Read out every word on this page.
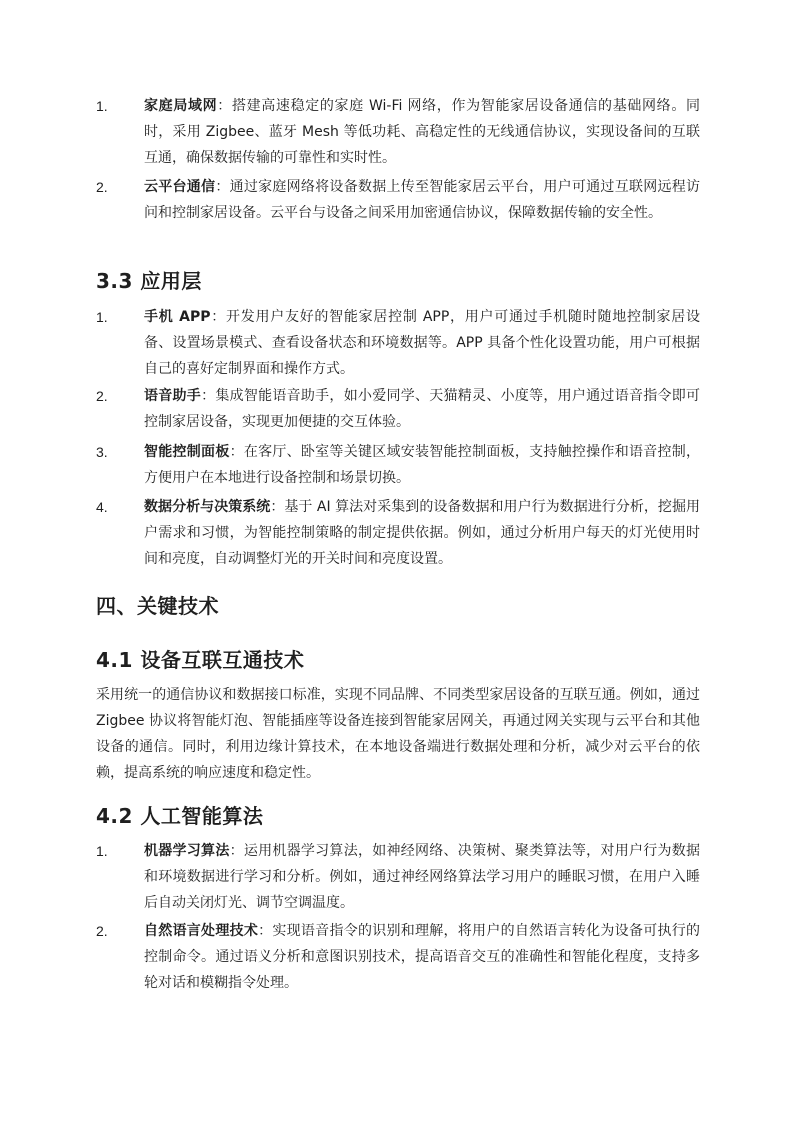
1.	家庭局域网：搭建高速稳定的家庭 Wi-Fi 网络，作为智能家居设备通信的基础网络。同时，采用 Zigbee、蓝牙 Mesh 等低功耗、高稳定性的无线通信协议，实现设备间的互联互通，确保数据传输的可靠性和实时性。
2.	云平台通信：通过家庭网络将设备数据上传至智能家居云平台，用户可通过互联网远程访问和控制家居设备。云平台与设备之间采用加密通信协议，保障数据传输的安全性。
3.3 应用层
1.	手机 APP：开发用户友好的智能家居控制 APP，用户可通过手机随时随地控制家居设备、设置场景模式、查看设备状态和环境数据等。APP 具备个性化设置功能，用户可根据自己的喜好定制界面和操作方式。
2.	语音助手：集成智能语音助手，如小爱同学、天猫精灵、小度等，用户通过语音指令即可控制家居设备，实现更加便捷的交互体验。
3.	智能控制面板：在客厅、卧室等关键区域安装智能控制面板，支持触控操作和语音控制，方便用户在本地进行设备控制和场景切换。
4.	数据分析与决策系统：基于 AI 算法对采集到的设备数据和用户行为数据进行分析，挖掘用户需求和习惯，为智能控制策略的制定提供依据。例如，通过分析用户每天的灯光使用时间和亮度，自动调整灯光的开关时间和亮度设置。
四、关键技术
4.1 设备互联互通技术
采用统一的通信协议和数据接口标准，实现不同品牌、不同类型家居设备的互联互通。例如，通过 Zigbee 协议将智能灯泡、智能插座等设备连接到智能家居网关，再通过网关实现与云平台和其他设备的通信。同时，利用边缘计算技术，在本地设备端进行数据处理和分析，减少对云平台的依赖，提高系统的响应速度和稳定性。
4.2 人工智能算法
1.	机器学习算法：运用机器学习算法，如神经网络、决策树、聚类算法等，对用户行为数据和环境数据进行学习和分析。例如，通过神经网络算法学习用户的睡眠习惯，在用户入睡后自动关闭灯光、调节空调温度。
2.	自然语言处理技术：实现语音指令的识别和理解，将用户的自然语言转化为设备可执行的控制命令。通过语义分析和意图识别技术，提高语音交互的准确性和智能化程度，支持多轮对话和模糊指令处理。
